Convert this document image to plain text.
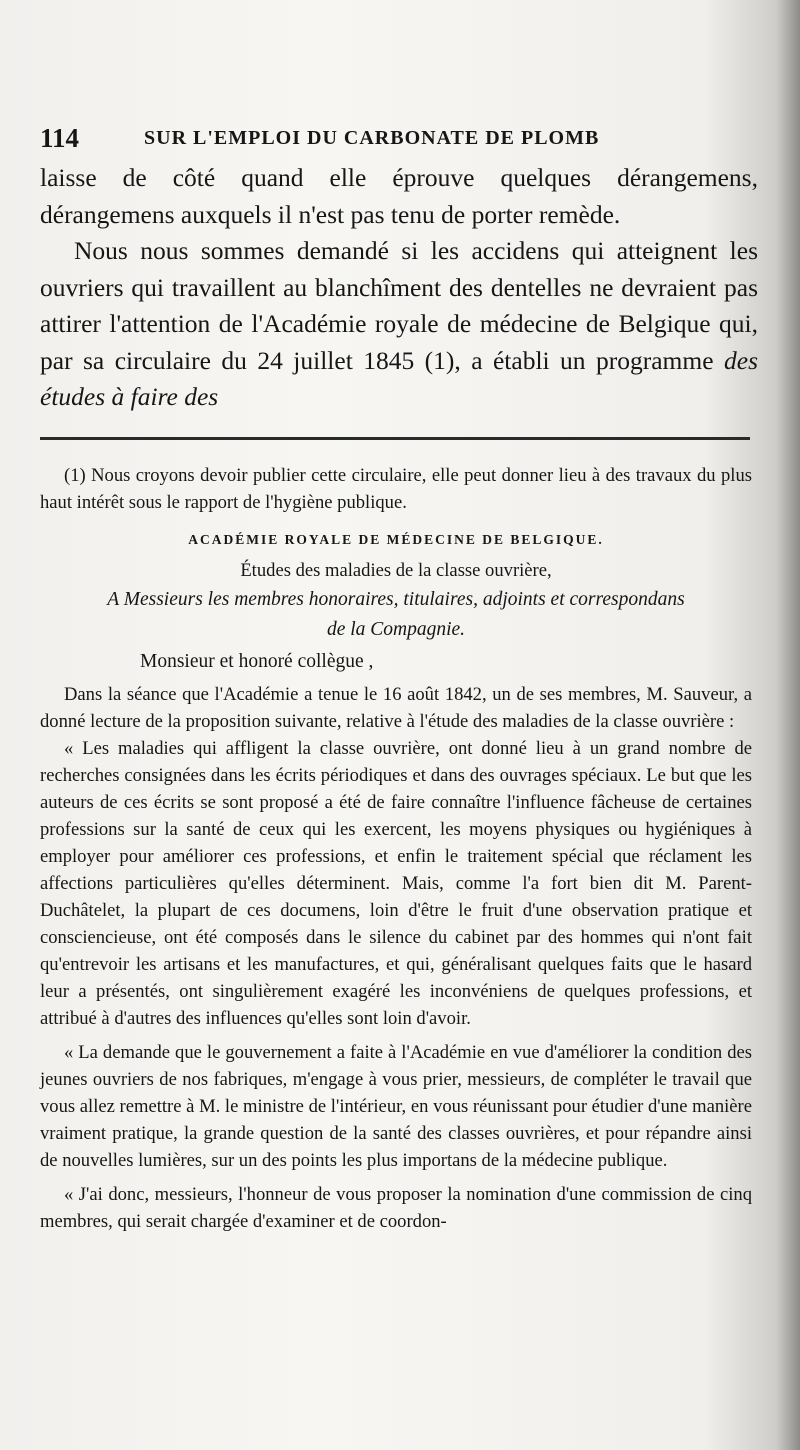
114	SUR L'EMPLOI DU CARBONATE DE PLOMB

laisse de côté quand elle éprouve quelques dérangemens, dérangemens auxquels il n'est pas tenu de porter remède.

Nous nous sommes demandé si les accidens qui atteignent les ouvriers qui travaillent au blanchîment des dentelles ne devraient pas attirer l'attention de l'Académie royale de médecine de Belgique qui, par sa circulaire du 24 juillet 1845 (1), a établi un programme des études à faire des

(1) Nous croyons devoir publier cette circulaire, elle peut donner lieu à des travaux du plus haut intérêt sous le rapport de l'hygiène publique.

ACADÉMIE ROYALE DE MÉDECINE DE BELGIQUE.

Études des maladies de la classe ouvrière,

A Messieurs les membres honoraires, titulaires, adjoints et correspondans

de la Compagnie.

Monsieur et honoré collègue ,

Dans la séance que l'Académie a tenue le 16 août 1842, un de ses membres, M. Sauveur, a donné lecture de la proposition suivante, relative à l'étude des maladies de la classe ouvrière :

« Les maladies qui affligent la classe ouvrière, ont donné lieu à un grand nombre de recherches consignées dans les écrits périodiques et dans des ouvrages spéciaux. Le but que les auteurs de ces écrits se sont proposé a été de faire connaître l'influence fâcheuse de certaines professions sur la santé de ceux qui les exercent, les moyens physiques ou hygiéniques à employer pour améliorer ces professions, et enfin le traitement spécial que réclament les affections particulières qu'elles déterminent. Mais, comme l'a fort bien dit M. Parent-Duchâtelet, la plupart de ces documens, loin d'être le fruit d'une observation pratique et consciencieuse, ont été composés dans le silence du cabinet par des hommes qui n'ont fait qu'entrevoir les artisans et les manufactures, et qui, généralisant quelques faits que le hasard leur a présentés, ont singulièrement exagéré les inconvéniens de quelques professions, et attribué à d'autres des influences qu'elles sont loin d'avoir.

« La demande que le gouvernement a faite à l'Académie en vue d'améliorer la condition des jeunes ouvriers de nos fabriques, m'engage à vous prier, messieurs, de compléter le travail que vous allez remettre à M. le ministre de l'intérieur, en vous réunissant pour étudier d'une manière vraiment pratique, la grande question de la santé des classes ouvrières, et pour répandre ainsi de nouvelles lumières, sur un des points les plus importans de la médecine publique.

« J'ai donc, messieurs, l'honneur de vous proposer la nomination d'une commission de cinq membres, qui serait chargée d'examiner et de coordon-
